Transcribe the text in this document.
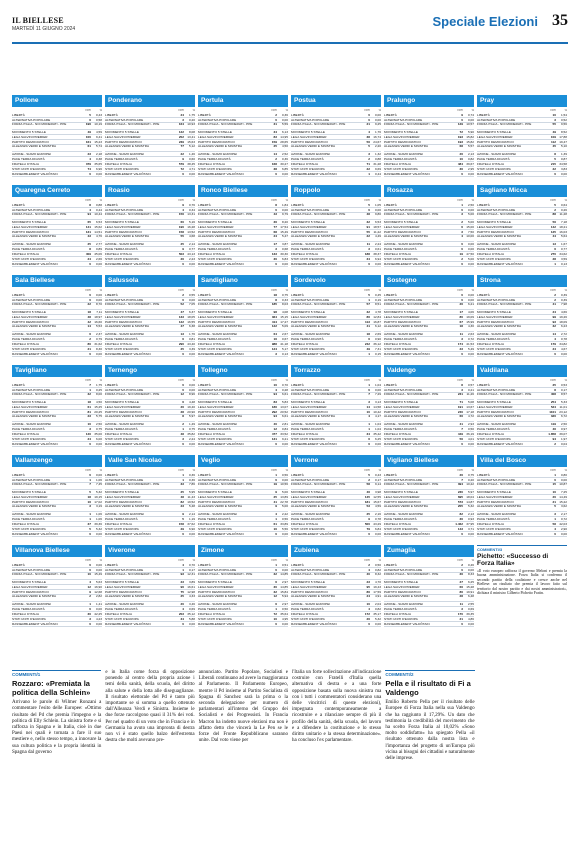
IL BIELLESE
MARTEDÌ 11 GIUGNO 2024	Speciale Elezioni 35
Pollone
VOTI	%
LIBERTÀ	5	0,43
ALTERNATIVA POPOLARE	6	0,58
FORZA ITALIA - NOI MODERATI - PPE	196	10,19
MOVIMENTO 5 STELLE	49	4,59
LEGA SALVINI PREMIER	100	9,41
PARTITO DEMOCRATICO	161	15,23
ALLEANZA VERDI E SINISTRA	61	5,74
AZIONE - SIAMO EUROPEI	23	2,18
PACE TERRA DIGNITÀ	4	0,38
FRATELLI D'ITALIA	379	35,65
STATI UNITI D'EUROPA	74	6,96
RASSEMBLEMENT VALDÔTAIN	0	0,00
Ponderano
VOTI	%
LIBERTÀ	24	1,75
ALTERNATIVA POPOLARE	3	0,20
FORZA ITALIA - NOI MODERATI - PPE	164	10,93
MOVIMENTO 5 STELLE	122	8,08
LEGA SALVINI PREMIER	202	13,41
PARTITO DEMOCRATICO	239	15,63
ALLEANZA VERDI E SINISTRA	77	5,12
AZIONE - SIAMO EUROPEI	22	1,46
PACE TERRA DIGNITÀ	9	0,60
FRATELLI D'ITALIA	579	38,45
STATI UNITI D'EUROPA	72	4,71
RASSEMBLEMENT VALDÔTAIN	0	0,00
Portula
VOTI	%
LIBERTÀ	2	0,36
ALTERNATIVA POPOLARE	0	0,00
FORZA ITALIA - NOI MODERATI - PPE	31	5,59
MOVIMENTO 5 STELLE	34	6,13
LEGA SALVINI PREMIER	83	14,95
PARTITO DEMOCRATICO	159	28,65
ALLEANZA VERDI E SINISTRA	25	4,50
AZIONE - SIAMO EUROPEI	14	2,52
PACE TERRA DIGNITÀ	2	0,36
FRATELLI D'ITALIA	168	30,27
STATI UNITI D'EUROPA	38	6,85
RASSEMBLEMENT VALDÔTAIN	0	0,00
Postua
VOTI	%
LIBERTÀ	0	0,00
ALTERNATIVA POPOLARE	0	0,00
FORZA ITALIA - NOI MODERATI - PPE	21	9,25
MOVIMENTO 5 STELLE	4	1,76
LEGA SALVINI PREMIER	38	16,74
PARTITO DEMOCRATICO	56	24,67
ALLEANZA VERDI E SINISTRA	5	2,20
AZIONE - SIAMO EUROPEI	3	1,32
PACE TERRA DIGNITÀ	2	0,88
FRATELLI D'ITALIA	71	31,28
STATI UNITI D'EUROPA	22	9,69
RASSEMBLEMENT VALDÔTAIN	1	0,44
Pralungo
VOTI	%
LIBERTÀ	9	0,74
ALTERNATIVA POPOLARE	0	0,00
FORZA ITALIA - NOI MODERATI - PPE	129	10,57
MOVIMENTO 5 STELLE	72	5,90
LEGA SALVINI PREMIER	193	15,82
PARTITO DEMOCRATICO	193	15,82
ALLEANZA VERDI E SINISTRA	68	5,57
AZIONE - SIAMO EUROPEI	26	2,13
PACE TERRA DIGNITÀ	10	0,82
FRATELLI D'ITALIA	484	39,67
STATI UNITI D'EUROPA	36	2,95
RASSEMBLEMENT VALDÔTAIN	0	0,00
Pray
VOTI	%
LIBERTÀ	10	1,54
ALTERNATIVA POPOLARE	3	0,52
FORZA ITALIA - NOI MODERATI - PPE	55	9,56
MOVIMENTO 5 STELLE	49	8,52
LEGA SALVINI PREMIER	109	17,88
PARTITO DEMOCRATICO	112	19,47
ALLEANZA VERDI E SINISTRA	45	5,10
AZIONE - SIAMO EUROPEI	8	1,39
PACE TERRA DIGNITÀ	5	0,87
FRATELLI D'ITALIA	215	34,58
STATI UNITI D'EUROPA	22	3,83
RASSEMBLEMENT VALDÔTAIN	0	0,00
Quaregna Cerreto
VOTI	%
LIBERTÀ	8	0,88
ALTERNATIVA POPOLARE	4	0,44
FORZA ITALIA - NOI MODERATI - PPE	94	10,44
MOVIMENTO 5 STELLE	65	6,53
LEGA SALVINI PREMIER	141	15,62
PARTITO DEMOCRATICO	131	14,51
ALLEANZA VERDI E SINISTRA	43	4,76
AZIONE - SIAMO EUROPEI	25	2,77
PACE TERRA DIGNITÀ	8	0,89
FRATELLI D'ITALIA	409	45,06
STATI UNITI D'EUROPA	24	2,66
RASSEMBLEMENT VALDÔTAIN	0	0,00
Roasio
VOTI	%
LIBERTÀ	9	0,76
ALTERNATIVA POPOLARE	4	0,34
FORZA ITALIA - NOI MODERATI - PPE	156	13,31
MOVIMENTO 5 STELLE	60	5,16
LEGA SALVINI PREMIER	190	16,28
PARTITO DEMOCRATICO	158	13,52
ALLEANZA VERDI E SINISTRA	55	4,68
AZIONE - SIAMO EUROPEI	25	2,14
PACE TERRA DIGNITÀ	9	0,77
FRATELLI D'ITALIA	503	43,13
STATI UNITI D'EUROPA	26	2,23
RASSEMBLEMENT VALDÔTAIN	0	0,00
Ronco Biellese
VOTI	%
LIBERTÀ	8	1,84
ALTERNATIVA POPOLARE	0	0,00
FORZA ITALIA - NOI MODERATI - PPE	43	9,79
MOVIMENTO 5 STELLE	36	8,20
LEGA SALVINI PREMIER	77	17,54
PARTITO DEMOCRATICO	68	15,49
ALLEANZA VERDI E SINISTRA	24	5,47
AZIONE - SIAMO EUROPEI	17	3,87
PACE TERRA DIGNITÀ	3	0,68
FRATELLI D'ITALIA	133	30,30
STATI UNITI D'EUROPA	30	6,83
RASSEMBLEMENT VALDÔTAIN	0	0,00
Roppolo
VOTI	%
LIBERTÀ	5	1,05
ALTERNATIVA POPOLARE	0	0,00
FORZA ITALIA - NOI MODERATI - PPE	48	9,80
MOVIMENTO 5 STELLE	32	6,53
LEGA SALVINI PREMIER	91	18,57
PARTITO DEMOCRATICO	55	11,22
ALLEANZA VERDI E SINISTRA	22	4,49
AZIONE - SIAMO EUROPEI	11	2,24
PACE TERRA DIGNITÀ	3	0,61
FRATELLI D'ITALIA	188	38,37
STATI UNITI D'EUROPA	34	6,94
RASSEMBLEMENT VALDÔTAIN	0	0,00
Rosazza
VOTI	%
LIBERTÀ	1	2,50
ALTERNATIVA POPOLARE	0	0,00
FORZA ITALIA - NOI MODERATI - PPE	3	5,00
MOVIMENTO 5 STELLE	2	5,00
LEGA SALVINI PREMIER	6	15,00
PARTITO DEMOCRATICO	3	7,50
ALLEANZA VERDI E SINISTRA	4	10,00
AZIONE - SIAMO EUROPEI	0	0,00
PACE TERRA DIGNITÀ	0	0,00
FRATELLI D'ITALIA	19	47,50
STATI UNITI D'EUROPA	2	5,00
RASSEMBLEMENT VALDÔTAIN	0	0,00
Sagliano Micca
VOTI	%
LIBERTÀ	5	0,64
ALTERNATIVA POPOLARE	2	0,26
FORZA ITALIA - NOI MODERATI - PPE	88	11,28
MOVIMENTO 5 STELLE	56	7,18
LEGA SALVINI PREMIER	142	18,21
PARTITO DEMOCRATICO	125	16,03
ALLEANZA VERDI E SINISTRA	44	5,64
AZIONE - SIAMO EUROPEI	13	1,67
PACE TERRA DIGNITÀ	6	0,77
FRATELLI D'ITALIA	270	34,62
STATI UNITI D'EUROPA	28	3,59
RASSEMBLEMENT VALDÔTAIN	1	0,13
Sala Biellese
VOTI	%
LIBERTÀ	0	0,00
ALTERNATIVA POPOLARE	0	0,00
FORZA ITALIA - NOI MODERATI - PPE	22	8,70
MOVIMENTO 5 STELLE	18	7,11
LEGA SALVINI PREMIER	48	18,97
PARTITO DEMOCRATICO	42	16,60
ALLEANZA VERDI E SINISTRA	14	5,53
AZIONE - SIAMO EUROPEI	6	2,37
PACE TERRA DIGNITÀ	2	0,79
FRATELLI D'ITALIA	80	31,62
STATI UNITI D'EUROPA	21	8,30
RASSEMBLEMENT VALDÔTAIN	0	0,00
Salussola
VOTI	%
LIBERTÀ	2	0,55
ALTERNATIVA POPOLARE	0	0,00
FORZA ITALIA - NOI MODERATI - PPE	52	7,05
MOVIMENTO 5 STELLE	47	6,37
LEGA SALVINI PREMIER	133	18,05
PARTITO DEMOCRATICO	122	16,55
ALLEANZA VERDI E SINISTRA	47	6,38
AZIONE - SIAMO EUROPEI	13	1,76
PACE TERRA DIGNITÀ	6	0,81
FRATELLI D'ITALIA	290	43,40
STATI UNITI D'EUROPA	25	3,39
RASSEMBLEMENT VALDÔTAIN	0	0,00
Sandigliano
VOTI	%
LIBERTÀ	18	0,75
ALTERNATIVA POPOLARE	8	0,33
FORZA ITALIA - NOI MODERATI - PPE	185	8,03
MOVIMENTO 5 STELLE	98	4,08
LEGA SALVINI PREMIER	364	15,15
PARTITO DEMOCRATICO	414	17,27
ALLEANZA VERDI E SINISTRA	122	5,09
AZIONE - SIAMO EUROPEI	64	2,67
PACE TERRA DIGNITÀ	16	0,67
FRATELLI D'ITALIA	988	41,18
STATI UNITI D'EUROPA	124	5,17
RASSEMBLEMENT VALDÔTAIN	3	0,13
Sordevolo
VOTI	%
LIBERTÀ	5	0,45
ALTERNATIVA POPOLARE	1	0,19
FORZA ITALIA - NOI MODERATI - PPE	57	8,51
MOVIMENTO 5 STELLE	32	4,78
LEGA SALVINI PREMIER	86	12,84
PARTITO DEMOCRATICO	113	16,87
ALLEANZA VERDI E SINISTRA	41	6,12
AZIONE - SIAMO EUROPEI	18	2,69
PACE TERRA DIGNITÀ	6	0,90
FRATELLI D'ITALIA	242	36,12
STATI UNITI D'EUROPA	49	7,31
RASSEMBLEMENT VALDÔTAIN	1	0,15
Sostegno
VOTI	%
LIBERTÀ	0	0,00
ALTERNATIVA POPOLARE	0	0,00
FORZA ITALIA - NOI MODERATI - PPE	26	6,21
MOVIMENTO 5 STELLE	17	4,06
LEGA SALVINI PREMIER	80	19,09
PARTITO DEMOCRATICO	67	15,99
ALLEANZA VERDI E SINISTRA	18	4,30
AZIONE - SIAMO EUROPEI	11	2,63
PACE TERRA DIGNITÀ	3	0,72
FRATELLI D'ITALIA	174	41,53
STATI UNITI D'EUROPA	23	5,49
RASSEMBLEMENT VALDÔTAIN	0	0,00
Strona
VOTI	%
LIBERTÀ	2	0,39
ALTERNATIVA POPOLARE	2	0,39
FORZA ITALIA - NOI MODERATI - PPE	41	7,98
MOVIMENTO 5 STELLE	24	4,66
LEGA SALVINI PREMIER	99	19,26
PARTITO DEMOCRATICO	93	18,09
ALLEANZA VERDI E SINISTRA	32	6,23
AZIONE - SIAMO EUROPEI	14	2,72
PACE TERRA DIGNITÀ	4	0,78
FRATELLI D'ITALIA	179	34,82
STATI UNITI D'EUROPA	24	4,67
RASSEMBLEMENT VALDÔTAIN	0	0,00
Tavigliano
VOTI	%
LIBERTÀ	7	1,75
ALTERNATIVA POPOLARE	1	0,25
FORZA ITALIA - NOI MODERATI - PPE	32	8,00
MOVIMENTO 5 STELLE	18	4,50
LEGA SALVINI PREMIER	61	15,25
PARTITO DEMOCRATICO	81	20,25
ALLEANZA VERDI E SINISTRA	23	5,75
AZIONE - SIAMO EUROPEI	10	2,50
PACE TERRA DIGNITÀ	3	0,75
FRATELLI D'ITALIA	140	35,00
STATI UNITI D'EUROPA	24	6,00
RASSEMBLEMENT VALDÔTAIN	0	0,00
Ternengo
VOTI	%
LIBERTÀ	0	0,00
ALTERNATIVA POPOLARE	0	0,00
FORZA ITALIA - NOI MODERATI - PPE	12	8,96
MOVIMENTO 5 STELLE	6	4,48
LEGA SALVINI PREMIER	26	19,40
PARTITO DEMOCRATICO	28	20,90
ALLEANZA VERDI E SINISTRA	8	5,97
AZIONE - SIAMO EUROPEI	2	1,49
PACE TERRA DIGNITÀ	1	0,75
FRATELLI D'ITALIA	48	35,82
STATI UNITI D'EUROPA	3	2,24
RASSEMBLEMENT VALDÔTAIN	0	0,00
Tollegno
VOTI	%
LIBERTÀ	10	0,70
ALTERNATIVA POPOLARE	4	0,28
FORZA ITALIA - NOI MODERATI - PPE	94	6,61
MOVIMENTO 5 STELLE	83	5,83
LEGA SALVINI PREMIER	186	13,07
PARTITO DEMOCRATICO	292	20,52
ALLEANZA VERDI E SINISTRA	94	6,61
AZIONE - SIAMO EUROPEI	40	2,81
PACE TERRA DIGNITÀ	12	0,84
FRATELLI D'ITALIA	477	33,52
STATI UNITI D'EUROPA	131	9,21
RASSEMBLEMENT VALDÔTAIN	0	0,00
Torrazzo
VOTI	%
LIBERTÀ	1	1,04
ALTERNATIVA POPOLARE	0	0,00
FORZA ITALIA - NOI MODERATI - PPE	7	7,29
MOVIMENTO 5 STELLE	3	3,13
LEGA SALVINI PREMIER	14	14,58
PARTITO DEMOCRATICO	10	10,42
ALLEANZA VERDI E SINISTRA	4	4,17
AZIONE - SIAMO EUROPEI	1	1,04
PACE TERRA DIGNITÀ	1	1,04
FRATELLI D'ITALIA	34	35,42
STATI UNITI D'EUROPA	6	6,25
RASSEMBLEMENT VALDÔTAIN	0	0,00
Valdengo
VOTI	%
LIBERTÀ	8	0,57
ALTERNATIVA POPOLARE	3	0,21
FORZA ITALIA - NOI MODERATI - PPE	231	11,26
MOVIMENTO 5 STELLE	71	5,08
LEGA SALVINI PREMIER	191	13,67
PARTITO DEMOCRATICO	240	17,18
ALLEANZA VERDI E SINISTRA	66	4,72
AZIONE - SIAMO EUROPEI	41	2,93
PACE TERRA DIGNITÀ	7	0,50
FRATELLI D'ITALIA	449	36,19
STATI UNITI D'EUROPA	56	4,01
RASSEMBLEMENT VALDÔTAIN	0	0,00
Valdilana
VOTI	%
LIBERTÀ	25	0,53
ALTERNATIVA POPOLARE	8	0,17
FORZA ITALIA - NOI MODERATI - PPE	408	8,57
MOVIMENTO 5 STELLE	254	5,33
LEGA SALVINI PREMIER	524	11,01
PARTITO DEMOCRATICO	1101	23,12
ALLEANZA VERDI E SINISTRA	320	6,72
AZIONE - SIAMO EUROPEI	119	2,50
PACE TERRA DIGNITÀ	46	0,97
FRATELLI D'ITALIA	1.858	39,07
STATI UNITI D'EUROPA	94	1,97
RASSEMBLEMENT VALDÔTAIN	2	0,04
Vallanzengo
VOTI	%
LIBERTÀ	0	0,00
ALTERNATIVA POPOLARE	1	1,06
FORZA ITALIA - NOI MODERATI - PPE	7	7,45
MOVIMENTO 5 STELLE	5	5,32
LEGA SALVINI PREMIER	18	19,15
PARTITO DEMOCRATICO	16	17,02
ALLEANZA VERDI E SINISTRA	3	3,19
AZIONE - SIAMO EUROPEI	1	1,06
PACE TERRA DIGNITÀ	1	1,06
FRATELLI D'ITALIA	37	39,36
STATI UNITI D'EUROPA	5	5,32
RASSEMBLEMENT VALDÔTAIN	0	0,00
Valle San Nicolao
VOTI	%
LIBERTÀ	1	0,36
ALTERNATIVA POPOLARE	1	0,36
FORZA ITALIA - NOI MODERATI - PPE	33	7,86
MOVIMENTO 5 STELLE	25	5,95
LEGA SALVINI PREMIER	48	11,43
PARTITO DEMOCRATICO	82	19,52
ALLEANZA VERDI E SINISTRA	23	5,48
AZIONE - SIAMO EUROPEI	9	2,14
PACE TERRA DIGNITÀ	5	1,19
FRATELLI D'ITALIA	158	37,62
STATI UNITI D'EUROPA	29	6,90
RASSEMBLEMENT VALDÔTAIN	0	0,00
Veglio
VOTI	%
LIBERTÀ	1	0,56
ALTERNATIVA POPOLARE	0	0,00
FORZA ITALIA - NOI MODERATI - PPE	19	10,56
MOVIMENTO 5 STELLE	9	5,00
LEGA SALVINI PREMIER	25	13,89
PARTITO DEMOCRATICO	41	22,78
ALLEANZA VERDI E SINISTRA	9	5,00
AZIONE - SIAMO EUROPEI	4	2,22
PACE TERRA DIGNITÀ	1	0,56
FRATELLI D'ITALIA	61	33,89
STATI UNITI D'EUROPA	10	5,56
RASSEMBLEMENT VALDÔTAIN	0	0,00
Verrone
VOTI	%
LIBERTÀ	5	0,43
ALTERNATIVA POPOLARE	2	0,17
FORZA ITALIA - NOI MODERATI - PPE	58	9,14
MOVIMENTO 5 STELLE	46	3,98
LEGA SALVINI PREMIER	145	12,55
PARTITO DEMOCRATICO	181	15,67
ALLEANZA VERDI E SINISTRA	53	4,59
AZIONE - SIAMO EUROPEI	25	2,16
PACE TERRA DIGNITÀ	9	0,78
FRATELLI D'ITALIA	500	43,29
STATI UNITI D'EUROPA	79	6,84
RASSEMBLEMENT VALDÔTAIN	0	0,00
Vigliano Biellese
VOTI	%
LIBERTÀ	26	0,75
ALTERNATIVA POPOLARE	7	0,20
FORZA ITALIA - NOI MODERATI - PPE	394	10,22
MOVIMENTO 5 STELLE	230	5,97
LEGA SALVINI PREMIER	695	18,04
PARTITO DEMOCRATICO	573	14,87
ALLEANZA VERDI E SINISTRA	205	5,32
AZIONE - SIAMO EUROPEI	82	2,13
PACE TERRA DIGNITÀ	36	0,93
FRATELLI D'ITALIA	1.462	37,95
STATI UNITI D'EUROPA	143	3,71
RASSEMBLEMENT VALDÔTAIN	0	0,00
Villa del Bosco
VOTI	%
LIBERTÀ	1	0,80
ALTERNATIVA POPOLARE	0	0,00
FORZA ITALIA - NOI MODERATI - PPE	15	10,87
MOVIMENTO 5 STELLE	10	7,25
LEGA SALVINI PREMIER	20	14,49
PARTITO DEMOCRATICO	21	15,22
ALLEANZA VERDI E SINISTRA	5	3,62
AZIONE - SIAMO EUROPEI	3	2,17
PACE TERRA DIGNITÀ	1	0,72
FRATELLI D'ITALIA	58	42,03
STATI UNITI D'EUROPA	4	2,90
RASSEMBLEMENT VALDÔTAIN	0	0,00
Villanova Biellese
VOTI	%
LIBERTÀ	0	0,00
ALTERNATIVA POPOLARE	0	0,00
FORZA ITALIA - NOI MODERATI - PPE	10	15,49
MOVIMENTO 5 STELLE	4	5,63
LEGA SALVINI PREMIER	12	16,90
PARTITO DEMOCRATICO	9	12,68
ALLEANZA VERDI E SINISTRA	2	2,82
AZIONE - SIAMO EUROPEI	1	1,41
PACE TERRA DIGNITÀ	0	0,00
FRATELLI D'ITALIA	30	42,25
STATI UNITI D'EUROPA	3	4,23
RASSEMBLEMENT VALDÔTAIN	0	0,00
Viverone
VOTI	%
LIBERTÀ	4	0,70
ALTERNATIVA POPOLARE	1	0,17
FORZA ITALIA - NOI MODERATI - PPE	93	12,31
MOVIMENTO 5 STELLE	23	3,89
LEGA SALVINI PREMIER	96	16,61
PARTITO DEMOCRATICO	75	12,98
ALLEANZA VERDI E SINISTRA	25	4,33
AZIONE - SIAMO EUROPEI	20	3,46
PACE TERRA DIGNITÀ	4	0,69
FRATELLI D'ITALIA	203	35,12
STATI UNITI D'EUROPA	34	5,88
RASSEMBLEMENT VALDÔTAIN	0	0,00
Zimone
VOTI	%
LIBERTÀ	1	0,51
ALTERNATIVA POPOLARE	0	0,00
FORZA ITALIA - NOI MODERATI - PPE	32	14,85
MOVIMENTO 5 STELLE	6	2,97
LEGA SALVINI PREMIER	30	14,85
PARTITO DEMOCRATICO	32	15,84
ALLEANZA VERDI E SINISTRA	12	5,94
AZIONE - SIAMO EUROPEI	6	2,97
PACE TERRA DIGNITÀ	1	0,50
FRATELLI D'ITALIA	72	35,64
STATI UNITI D'EUROPA	10	4,95
RASSEMBLEMENT VALDÔTAIN	0	0,00
Zubiena
VOTI	%
LIBERTÀ	2	0,50
ALTERNATIVA POPOLARE	4	0,82
FORZA ITALIA - NOI MODERATI - PPE	40	8,32
MOVIMENTO 5 STELLE	23	4,70
LEGA SALVINI PREMIER	95	19,43
PARTITO DEMOCRATICO	86	17,59
ALLEANZA VERDI E SINISTRA	24	4,91
AZIONE - SIAMO EUROPEI	10	2,04
PACE TERRA DIGNITÀ	4	0,82
FRATELLI D'ITALIA	172	35,17
STATI UNITI D'EUROPA	26	5,32
RASSEMBLEMENT VALDÔTAIN	0	0,00
Zumaglia
VOTI	%
LIBERTÀ	2	0,46
ALTERNATIVA POPOLARE	0	0,00
FORZA ITALIA - NOI MODERATI - PPE	36	8,33
MOVIMENTO 5 STELLE	27	6,25
LEGA SALVINI PREMIER	66	15,28
PARTITO DEMOCRATICO	86	19,91
ALLEANZA VERDI E SINISTRA	28	6,48
AZIONE - SIAMO EUROPEI	11	2,55
PACE TERRA DIGNITÀ	3	0,69
FRATELLI D'ITALIA	170	39,35
STATI UNITI D'EUROPA	21	4,86
RASSEMBLEMENT VALDÔTAIN	0	0,00
COMMENTI/3
Pichetto: «Successo di Forza Italia»
«Il voto europeo rafforza il governo Meloni e premia la buona amministrazione. Forza Italia si conferma il secondo partito della coalizione e cresce anche nel Biellese: un risultato che premia il lavoro fatto sul territorio dal nostro partito e dai nostri amministratori», dichiara il ministro Gilberto Pichetto Fratin.
COMMENTI/1
Rozzaro: «Premiata la politica della Schlein»
Arrivano le parole di Wilmer Ronzani a commentare l'esito delle Europee: «Ottimo risultato del Pd che premia l'impegno e la politica di Elly Schlein. La sinistra forte e si rafforza in Spagna e in Italia, cioè in due Paesi nei quali è tornata a fare il suo mestiere e, nello stesso tempo, a innovare la sua cultura politica e la propria identità in Spagna dal governo
e in Italia come forza di opposizione ponendo al centro della propria azione i temi della sanità, della scuola, del diritto alla salute e della lotta alle diseguaglianze. Il risultato elettorale del Pd è tanto più importante se si somma a quello ottenuto dall'Alleanza Verdi e Sinistra. Insieme le due forze raccolgono quasi il 31% dei voti. Per nel quadro di un voto che in Francia e in Germania ha avuto una impronta di destra non vi è stato quello balzo dell'estrema destra che molti avevano pre-
annunciato. Partito Popolare, Socialisti e Liberali continuano ad avere la maggioranza al Parlamento. Il Parlamento Europeo, mentre il Pd insieme al Partito Socialista di Spagna di Sanchez sarà la prima o la seconda delegazione per numero di parlamentari all'interno del Gruppo dei Socialisti e dei Progressisti. In Francia Macron ha indetto nuove elezioni ma non è affatto detto che vincerà la Le Pen se le forze del Fronte Repubblicano saranno unite. Dal voto viene per
l'Italia un forte sollecitazione all'indicazione costruire con Fratelli d'Italia quella alternativa di destra e a una forte opposizione basata sulla nuova sinistra ma con i tutti i commentatori considerano una delle vincitrici di queste elezioni), impegnata contemporaneamente a ricostruire e a rilanciare sempre di più il profilo della sanità, della scuola, del lavoro e a difendere la costituzione e lo stesso diritto unitario e la stessa determinazione». ha concluso l'ex parlamentare.
COMMENTI/2
Pella e il risultato di Fi a Valdengo
Emilio Roberto Pella per il risultato delle Europee di Forza Italia nella sua Valdengo che ha raggiunto il 17,29%. Un dato che testimonia la credibilità del movimento che ha scelto Forza Italia al 10,02% «Sono molto soddisfatto» ha spiegato Pella «il risultato ottenuto dalla nostra lista e l'importanza del progetto di un'Europa più vicina ai bisogni dei cittadini e naturalmente delle imprese.
